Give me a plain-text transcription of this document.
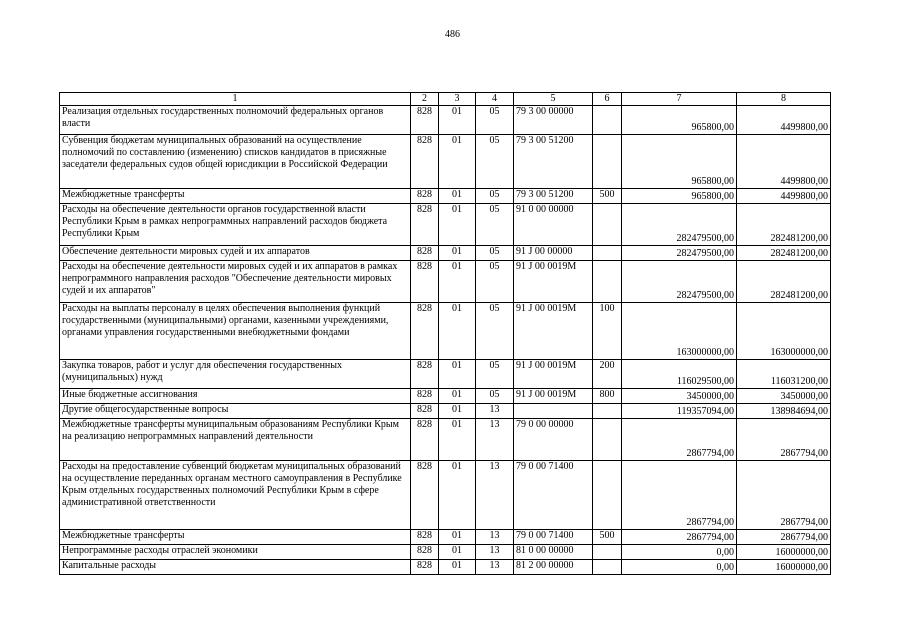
486
1	2	3	4	5	6	7	8
Реализация отдельных государственных полномочий федеральных органов власти	828	01	05	79 3 00 00000		965800,00	4499800,00
Субвенция бюджетам муниципальных образований на осуществление полномочий по составлению (изменению) списков кандидатов в присяжные заседатели федеральных судов общей юрисдикции в Российской Федерации	828	01	05	79 3 00 51200		965800,00	4499800,00
Межбюджетные трансферты	828	01	05	79 3 00 51200	500	965800,00	4499800,00
Расходы на обеспечение деятельности органов государственной власти Республики Крым в рамках непрограммных направлений расходов бюджета Республики Крым	828	01	05	91 0 00 00000		282479500,00	282481200,00
Обеспечение деятельности мировых судей и их аппаратов	828	01	05	91 J 00 00000		282479500,00	282481200,00
Расходы на обеспечение деятельности мировых судей и их аппаратов в рамках непрограммного направления расходов "Обеспечение деятельности мировых судей и их аппаратов"	828	01	05	91 J 00 0019M		282479500,00	282481200,00
Расходы на выплаты персоналу в целях обеспечения выполнения функций государственными (муниципальными) органами, казенными учреждениями, органами управления государственными внебюджетными фондами	828	01	05	91 J 00 0019M	100	163000000,00	163000000,00
Закупка товаров, работ и услуг для обеспечения государственных (муниципальных) нужд	828	01	05	91 J 00 0019M	200	116029500,00	116031200,00
Иные бюджетные ассигнования	828	01	05	91 J 00 0019M	800	3450000,00	3450000,00
Другие общегосударственные вопросы	828	01	13			119357094,00	138984694,00
Межбюджетные трансферты муниципальным образованиям Республики Крым на реализацию непрограммных направлений деятельности	828	01	13	79 0 00 00000		2867794,00	2867794,00
Расходы на предоставление субвенций бюджетам муниципальных образований на осуществление переданных органам местного самоуправления в Республике Крым отдельных государственных полномочий Республики Крым в сфере административной ответственности	828	01	13	79 0 00 71400		2867794,00	2867794,00
Межбюджетные трансферты	828	01	13	79 0 00 71400	500	2867794,00	2867794,00
Непрограммные расходы отраслей экономики	828	01	13	81 0 00 00000		0,00	16000000,00
Капитальные расходы	828	01	13	81 2 00 00000		0,00	16000000,00
